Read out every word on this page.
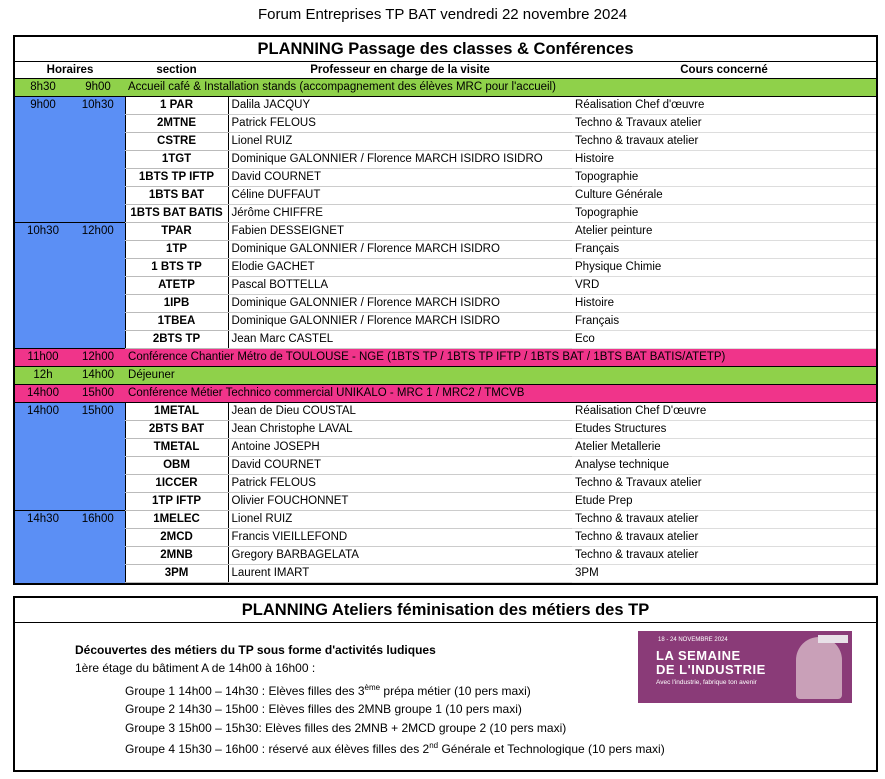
Forum Entreprises TP BAT vendredi 22 novembre 2024
PLANNING Passage des classes & Conférences
Horaires		section	Professeur en charge de la visite	Cours concerné
8h30	9h00	Accueil café & Installation stands (accompagnement des élèves MRC pour l'accueil)		
9h00	10h30	1 PAR	Dalila JACQUY	Réalisation Chef d'œuvre
		2MTNE	Patrick FELOUS	Techno & Travaux atelier
		CSTRE	Lionel RUIZ	Techno & travaux atelier
		1TGT	Dominique GALONNIER / Florence MARCH ISIDRO ISIDRO	Histoire
		1BTS TP IFTP	David COURNET	Topographie
		1BTS BAT	Céline DUFFAUT	Culture Générale
		1BTS BAT BATIS	Jérôme CHIFFRE	Topographie
10h30	12h00	TPAR	Fabien DESSEIGNET	Atelier peinture
		1TP	Dominique GALONNIER / Florence MARCH ISIDRO	Français
		1 BTS TP	Elodie GACHET	Physique Chimie
		ATETP	Pascal BOTTELLA	VRD
		1IPB	Dominique GALONNIER / Florence MARCH ISIDRO	Histoire
		1TBEA	Dominique GALONNIER / Florence MARCH ISIDRO	Français
		2BTS TP	Jean Marc CASTEL	Eco
11h00	12h00	Conférence Chantier Métro de TOULOUSE - NGE (1BTS TP / 1BTS TP IFTP / 1BTS BAT / 1BTS BAT BATIS/ATETP)		
12h	14h00	Déjeuner		
14h00	15h00	Conférence Métier Technico commercial UNIKALO - MRC 1 / MRC2 / TMCVB		
14h00	15h00	1METAL	Jean de Dieu COUSTAL	Réalisation Chef D'œuvre
		2BTS BAT	Jean Christophe LAVAL	Etudes Structures
		TMETAL	Antoine JOSEPH	Atelier Metallerie
		OBM	David COURNET	Analyse technique
		1ICCER	Patrick FELOUS	Techno & Travaux atelier
		1TP IFTP	Olivier FOUCHONNET	Etude Prep
14h30	16h00	1MELEC	Lionel RUIZ	Techno & travaux atelier
		2MCD	Francis VIEILLEFOND	Techno & travaux atelier
		2MNB	Gregory BARBAGELATA	Techno & travaux atelier
		3PM	Laurent IMART	3PM
PLANNING Ateliers féminisation des métiers des TP
Découvertes des métiers du TP sous forme d'activités ludiques
1ère étage du bâtiment A de 14h00 à 16h00 :
Groupe 1 14h00 – 14h30 : Elèves filles des 3ème prépa métier (10 pers maxi)
Groupe 2 14h30 – 15h00 : Elèves filles des 2MNB groupe 1 (10 pers maxi)
Groupe 3 15h00 – 15h30: Elèves filles des 2MNB + 2MCD groupe 2 (10 pers maxi)
Groupe 4 15h30 – 16h00 : réservé aux élèves filles des 2nd Générale et Technologique (10 pers maxi)
18 - 24 NOVEMBRE 2024
LA SEMAINE
DE L'INDUSTRIE
Avec l'industrie, fabrique ton avenir
